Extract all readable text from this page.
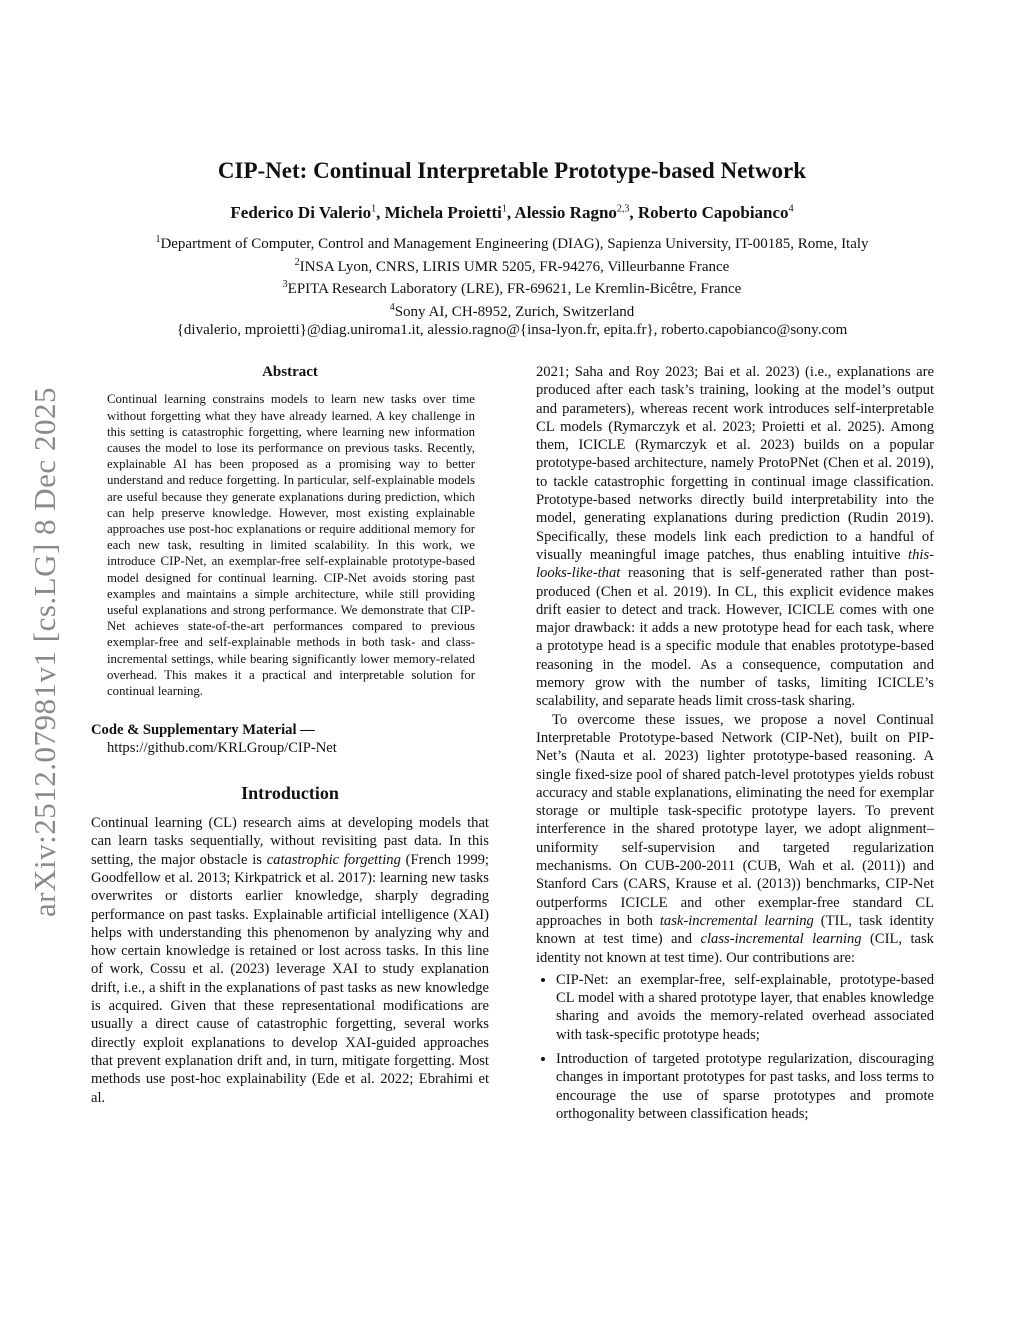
arXiv:2512.07981v1 [cs.LG] 8 Dec 2025
CIP-Net: Continual Interpretable Prototype-based Network
Federico Di Valerio$^1$, Michela Proietti$^1$, Alessio Ragno$^{2,3}$, Roberto Capobianco$^4$
$^1$Department of Computer, Control and Management Engineering (DIAG), Sapienza University, IT-00185, Rome, Italy
$^2$INSA Lyon, CNRS, LIRIS UMR 5205, FR-94276, Villeurbanne France
$^3$EPITA Research Laboratory (LRE), FR-69621, Le Kremlin-Bicêtre, France
$^4$Sony AI, CH-8952, Zurich, Switzerland
{divalerio, mproietti}@diag.uniroma1.it, alessio.ragno@{insa-lyon.fr, epita.fr}, roberto.capobianco@sony.com
Abstract
Continual learning constrains models to learn new tasks over time without forgetting what they have already learned. A key challenge in this setting is catastrophic forgetting, where learning new information causes the model to lose its performance on previous tasks. Recently, explainable AI has been proposed as a promising way to better understand and reduce forgetting. In particular, self-explainable models are useful because they generate explanations during prediction, which can help preserve knowledge. However, most existing explainable approaches use post-hoc explanations or require additional memory for each new task, resulting in limited scalability. In this work, we introduce CIP-Net, an exemplar-free self-explainable prototype-based model designed for continual learning. CIP-Net avoids storing past examples and maintains a simple architecture, while still providing useful explanations and strong performance. We demonstrate that CIP-Net achieves state-of-the-art performances compared to previous exemplar-free and self-explainable methods in both task- and class-incremental settings, while bearing significantly lower memory-related overhead. This makes it a practical and interpretable solution for continual learning.
Code & Supplementary Material —
https://github.com/KRLGroup/CIP-Net
Introduction

Continual learning (CL) research aims at developing models that can learn tasks sequentially, without revisiting past data. In this setting, the major obstacle is catastrophic forgetting (French 1999; Goodfellow et al. 2013; Kirkpatrick et al. 2017): learning new tasks overwrites or distorts earlier knowledge, sharply degrading performance on past tasks. Explainable artificial intelligence (XAI) helps with understanding this phenomenon by analyzing why and how certain knowledge is retained or lost across tasks. In this line of work, Cossu et al. (2023) leverage XAI to study explanation drift, i.e., a shift in the explanations of past tasks as new knowledge is acquired. Given that these representational modifications are usually a direct cause of catastrophic forgetting, several works directly exploit explanations to develop XAI-guided approaches that prevent explanation drift and, in turn, mitigate forgetting. Most methods use post-hoc explainability (Ede et al. 2022; Ebrahimi et al.

2021; Saha and Roy 2023; Bai et al. 2023) (i.e., explanations are produced after each task’s training, looking at the model’s output and parameters), whereas recent work introduces self-interpretable CL models (Rymarczyk et al. 2023; Proietti et al. 2025). Among them, ICICLE (Rymarczyk et al. 2023) builds on a popular prototype-based architecture, namely ProtoPNet (Chen et al. 2019), to tackle catastrophic forgetting in continual image classification. Prototype-based networks directly build interpretability into the model, generating explanations during prediction (Rudin 2019). Specifically, these models link each prediction to a handful of visually meaningful image patches, thus enabling intuitive this-looks-like-that reasoning that is self-generated rather than post-produced (Chen et al. 2019). In CL, this explicit evidence makes drift easier to detect and track. However, ICICLE comes with one major drawback: it adds a new prototype head for each task, where a prototype head is a specific module that enables prototype-based reasoning in the model. As a consequence, computation and memory grow with the number of tasks, limiting ICICLE’s scalability, and separate heads limit cross-task sharing.

To overcome these issues, we propose a novel Continual Interpretable Prototype-based Network (CIP-Net), built on PIP-Net’s (Nauta et al. 2023) lighter prototype-based reasoning. A single fixed-size pool of shared patch-level prototypes yields robust accuracy and stable explanations, eliminating the need for exemplar storage or multiple task-specific prototype layers. To prevent interference in the shared prototype layer, we adopt alignment–uniformity self-supervision and targeted regularization mechanisms. On CUB-200-2011 (CUB, Wah et al. (2011)) and Stanford Cars (CARS, Krause et al. (2013)) benchmarks, CIP-Net outperforms ICICLE and other exemplar-free standard CL approaches in both task-incremental learning (TIL, task identity known at test time) and class-incremental learning (CIL, task identity not known at test time). Our contributions are:

• CIP-Net: an exemplar-free, self-explainable, prototype-based CL model with a shared prototype layer, that enables knowledge sharing and avoids the memory-related overhead associated with task-specific prototype heads;
• Introduction of targeted prototype regularization, discouraging changes in important prototypes for past tasks, and loss terms to encourage the use of sparse prototypes and promote orthogonality between classification heads;
